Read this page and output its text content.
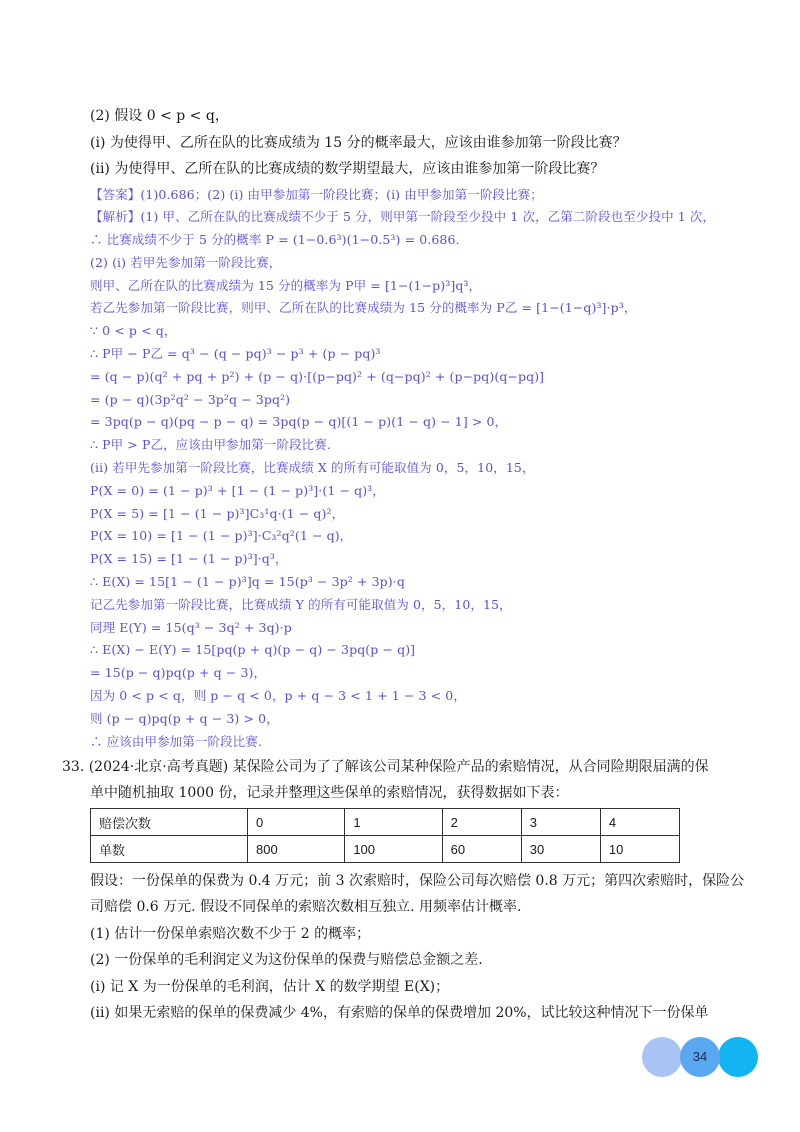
(2) 假设 0 < p < q，
(i) 为使得甲、乙所在队的比赛成绩为 15 分的概率最大，应该由谁参加第一阶段比赛？
(ii) 为使得甲、乙所在队的比赛成绩的数学期望最大，应该由谁参加第一阶段比赛？
【答案】(1)0.686；(2) (i) 由甲参加第一阶段比赛；(i) 由甲参加第一阶段比赛；
【解析】(1) 甲、乙所在队的比赛成绩不少于 5 分，则甲第一阶段至少投中 1 次，乙第二阶段也至少投中 1 次，
∴ 比赛成绩不少于 5 分的概率 P = (1−0.6³)(1−0.5³) = 0.686.
(2) (i) 若甲先参加第一阶段比赛，
则甲、乙所在队的比赛成绩为 15 分的概率为 P甲 = [1−(1−p)³]q³，
若乙先参加第一阶段比赛，则甲、乙所在队的比赛成绩为 15 分的概率为 P乙 = [1−(1−q)³]·p³，
∵ 0 < p < q，
∴ P甲 − P乙 = q³ − (q − pq)³ − p³ + (p − pq)³
= (q − p)(q² + pq + p²) + (p − q)·[(p−pq)² + (q−pq)² + (p−pq)(q−pq)]
= (p − q)(3p²q² − 3p²q − 3pq²)
= 3pq(p − q)(pq − p − q) = 3pq(p − q)[(1 − p)(1 − q) − 1] > 0，
∴ P甲 > P乙，应该由甲参加第一阶段比赛.
(ii) 若甲先参加第一阶段比赛，比赛成绩 X 的所有可能取值为 0，5，10，15，
P(X = 0) = (1 − p)³ + [1 − (1 − p)³]·(1 − q)³，
P(X = 5) = [1 − (1 − p)³]C₃¹q·(1 − q)²，
P(X = 10) = [1 − (1 − p)³]·C₃²q²(1 − q)，
P(X = 15) = [1 − (1 − p)³]·q³，
∴ E(X) = 15[1 − (1 − p)³]q = 15(p³ − 3p² + 3p)·q
记乙先参加第一阶段比赛，比赛成绩 Y 的所有可能取值为 0，5，10，15，
同理 E(Y) = 15(q³ − 3q² + 3q)·p
∴ E(X) − E(Y) = 15[pq(p + q)(p − q) − 3pq(p − q)]
= 15(p − q)pq(p + q − 3)，
因为 0 < p < q，则 p − q < 0，p + q − 3 < 1 + 1 − 3 < 0，
则 (p − q)pq(p + q − 3) > 0，
∴ 应该由甲参加第一阶段比赛.
33. (2024·北京·高考真题) 某保险公司为了了解该公司某种保险产品的索赔情况，从合同险期限届满的保
单中随机抽取 1000 份，记录并整理这些保单的索赔情况，获得数据如下表：
赔偿次数	0	1	2	3	4
单数	800	100	60	30	10
假设：一份保单的保费为 0.4 万元；前 3 次索赔时，保险公司每次赔偿 0.8 万元；第四次索赔时，保险公
司赔偿 0.6 万元. 假设不同保单的索赔次数相互独立. 用频率估计概率.
(1) 估计一份保单索赔次数不少于 2 的概率；
(2) 一份保单的毛利润定义为这份保单的保费与赔偿总金额之差.
(i) 记 X 为一份保单的毛利润，估计 X 的数学期望 E(X)；
(ii) 如果无索赔的保单的保费减少 4%，有索赔的保单的保费增加 20%，试比较这种情况下一份保单
34
